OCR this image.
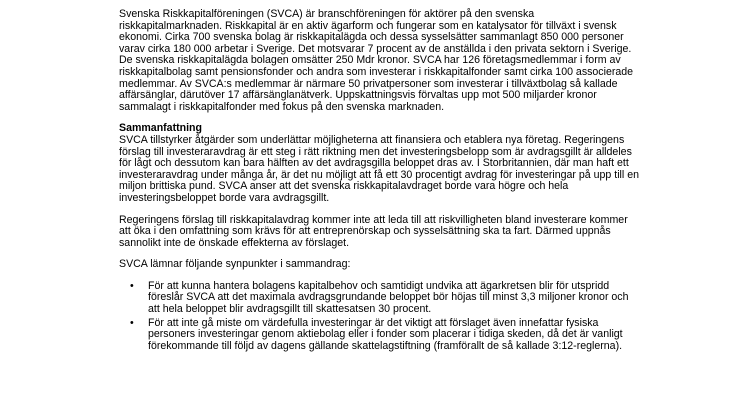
Svenska Riskkapitalföreningen (SVCA) är branschföreningen för aktörer på den svenska riskkapitalmarknaden. Riskkapital är en aktiv ägarform och fungerar som en katalysator för tillväxt i svensk ekonomi. Cirka 700 svenska bolag är riskkapitalägda och dessa sysselsätter sammanlagt 850 000 personer varav cirka 180 000 arbetar i Sverige. Det motsvarar 7 procent av de anställda i den privata sektorn i Sverige. De svenska riskkapitalägda bolagen omsätter 250 Mdr kronor. SVCA har 126 företagsmedlemmar i form av riskkapitalbolag samt pensionsfonder och andra som investerar i riskkapitalfonder samt cirka 100 associerade medlemmar. Av SVCA:s medlemmar är närmare 50 privatpersoner som investerar i tillväxtbolag så kallade affärsänglar, därutöver 17 affärsänglanätverk. Uppskattningsvis förvaltas upp mot 500 miljarder kronor sammalagt i riskkapitalfonder med fokus på den svenska marknaden.

Sammanfattning

SVCA tillstyrker åtgärder som underlättar möjligheterna att finansiera och etablera nya företag. Regeringens förslag till investeraravdrag är ett steg i rätt riktning men det investeringsbelopp som är avdragsgillt är alldeles för lågt och dessutom kan bara hälften av det avdragsgilla beloppet dras av. I Storbritannien, där man haft ett investeraravdrag under många år, är det nu möjligt att få ett 30 procentigt avdrag för investeringar på upp till en miljon brittiska pund. SVCA anser att det svenska riskkapitalavdraget borde vara högre och hela investeringsbeloppet borde vara avdragsgillt.

Regeringens förslag till riskkapitalavdrag kommer inte att leda till att riskvilligheten bland investerare kommer att öka i den omfattning som krävs för att entreprenörskap och sysselsättning ska ta fart. Därmed uppnås sannolikt inte de önskade effekterna av förslaget.

SVCA lämnar följande synpunkter i sammandrag:

• För att kunna hantera bolagens kapitalbehov och samtidigt undvika att ägarkretsen blir för utspridd föreslår SVCA att det maximala avdragsgrundande beloppet bör höjas till minst 3,3 miljoner kronor och att hela beloppet blir avdragsgillt till skattesatsen 30 procent.
• För att inte gå miste om värdefulla investeringar är det viktigt att förslaget även innefattar fysiska personers investeringar genom aktiebolag eller i fonder som placerar i tidiga skeden, då det är vanligt förekommande till följd av dagens gällande skattelagstiftning (framförallt de så kallade 3:12-reglerna).
